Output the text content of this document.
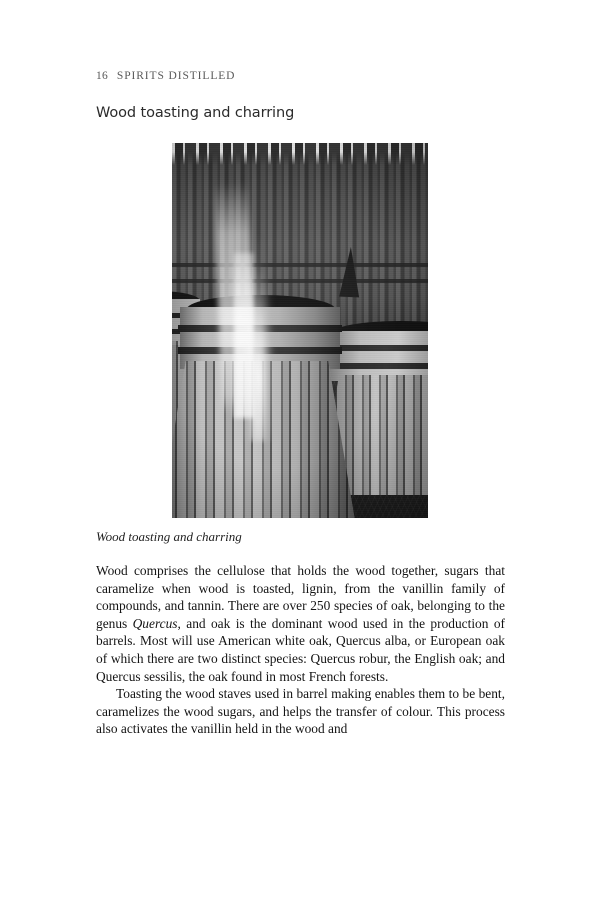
16 SPIRITS DISTILLED
Wood toasting and charring
Wood toasting and charring

Wood comprises the cellulose that holds the wood together, sugars that caramelize when wood is toasted, lignin, from the vanillin family of compounds, and tannin. There are over 250 species of oak, belonging to the genus Quercus, and oak is the dominant wood used in the production of barrels. Most will use American white oak, Quercus alba, or European oak of which there are two distinct species: Quercus robur, the English oak; and Quercus sessilis, the oak found in most French forests.

Toasting the wood staves used in barrel making enables them to be bent, caramelizes the wood sugars, and helps the transfer of colour. This process also activates the vanillin held in the wood and
